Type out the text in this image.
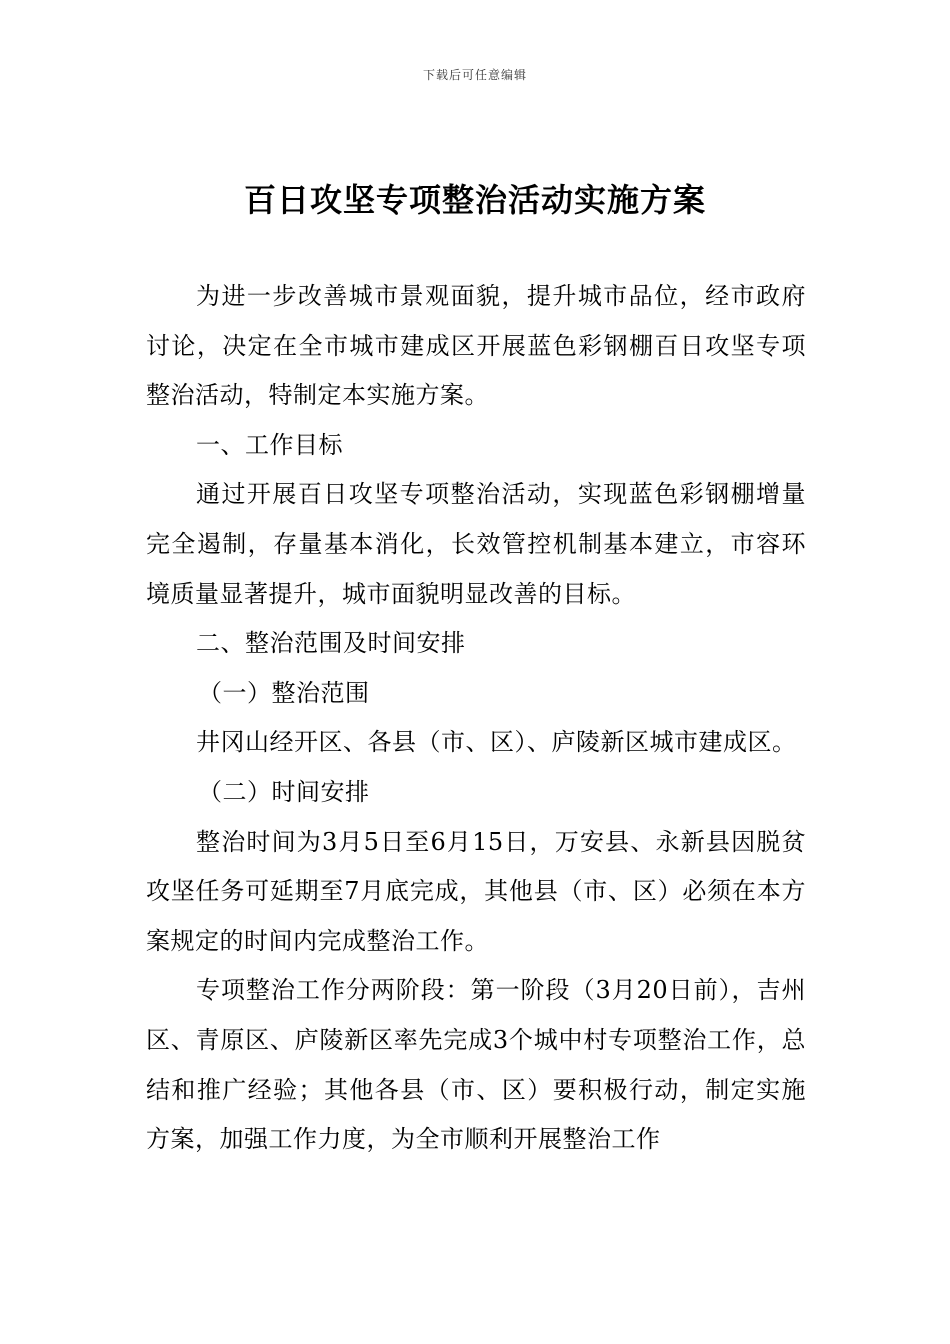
下载后可任意编辑
百日攻坚专项整治活动实施方案

为进一步改善城市景观面貌，提升城市品位，经市政府讨论，决定在全市城市建成区开展蓝色彩钢棚百日攻坚专项整治活动，特制定本实施方案。

一、工作目标

通过开展百日攻坚专项整治活动，实现蓝色彩钢棚增量完全遏制，存量基本消化，长效管控机制基本建立，市容环境质量显著提升，城市面貌明显改善的目标。

二、整治范围及时间安排

（一）整治范围

井冈山经开区、各县（市、区）、庐陵新区城市建成区。

（二）时间安排

整治时间为3月5日至6月15日，万安县、永新县因脱贫攻坚任务可延期至7月底完成，其他县（市、区）必须在本方案规定的时间内完成整治工作。

专项整治工作分两阶段：第一阶段（3月20日前），吉州区、青原区、庐陵新区率先完成3个城中村专项整治工作，总结和推广经验；其他各县（市、区）要积极行动，制定实施方案，加强工作力度，为全市顺利开展整治工作
